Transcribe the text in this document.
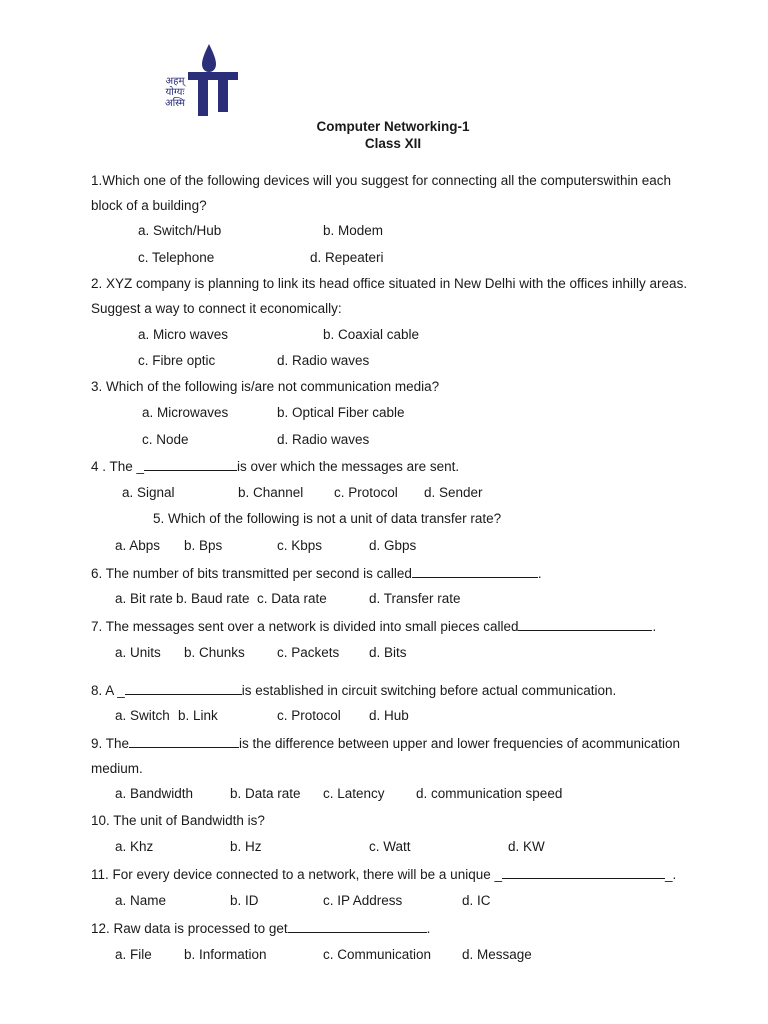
अहम्
योग्यः
अस्मि
Computer Networking-1
Class XII
1.Which one of the following devices will you suggest for connecting all the computerswithin each
block of a building?
a. Switch/Hub	b. Modem
c. Telephone	d. Repeateri
2. XYZ company is planning to link its head office situated in New Delhi with the offices inhilly areas.
Suggest a way to connect it economically:
a. Micro waves	b. Coaxial cable
c. Fibre optic	d. Radio waves
3. Which of the following is/are not communication media?
a. Microwaves	b. Optical Fiber cable
c. Node	d. Radio waves
4 . The _	is over which the messages are sent.
a. Signal	b. Channel c. Protocol d. Sender
5. Which of the following is not a unit of data transfer rate?
a. Abps b. Bps	c. Kbps	d. Gbps
6. The number of bits transmitted per second is called	.
a. Bit rate b. Baud rate c. Data rate	d. Transfer rate
7. The messages sent over a network is divided into small pieces called	.
a. Units b. Chunks c. Packets d. Bits
8. A _	is established in circuit switching before actual communication.
a. Switch b. Link	c. Protocol d. Hub
9. The	is the difference between upper and lower frequencies of acommunication
medium.
a. Bandwidth	b. Data rate c. Latency d. communication speed
10. The unit of Bandwidth is?
a. Khz	b. Hz	c. Watt	d. KW
11. For every device connected to a network, there will be a unique _	_.
a. Name	b. ID	c. IP Address	d. IC
12. Raw data is processed to get	.
a. File b. Information	c. Communication d. Message
